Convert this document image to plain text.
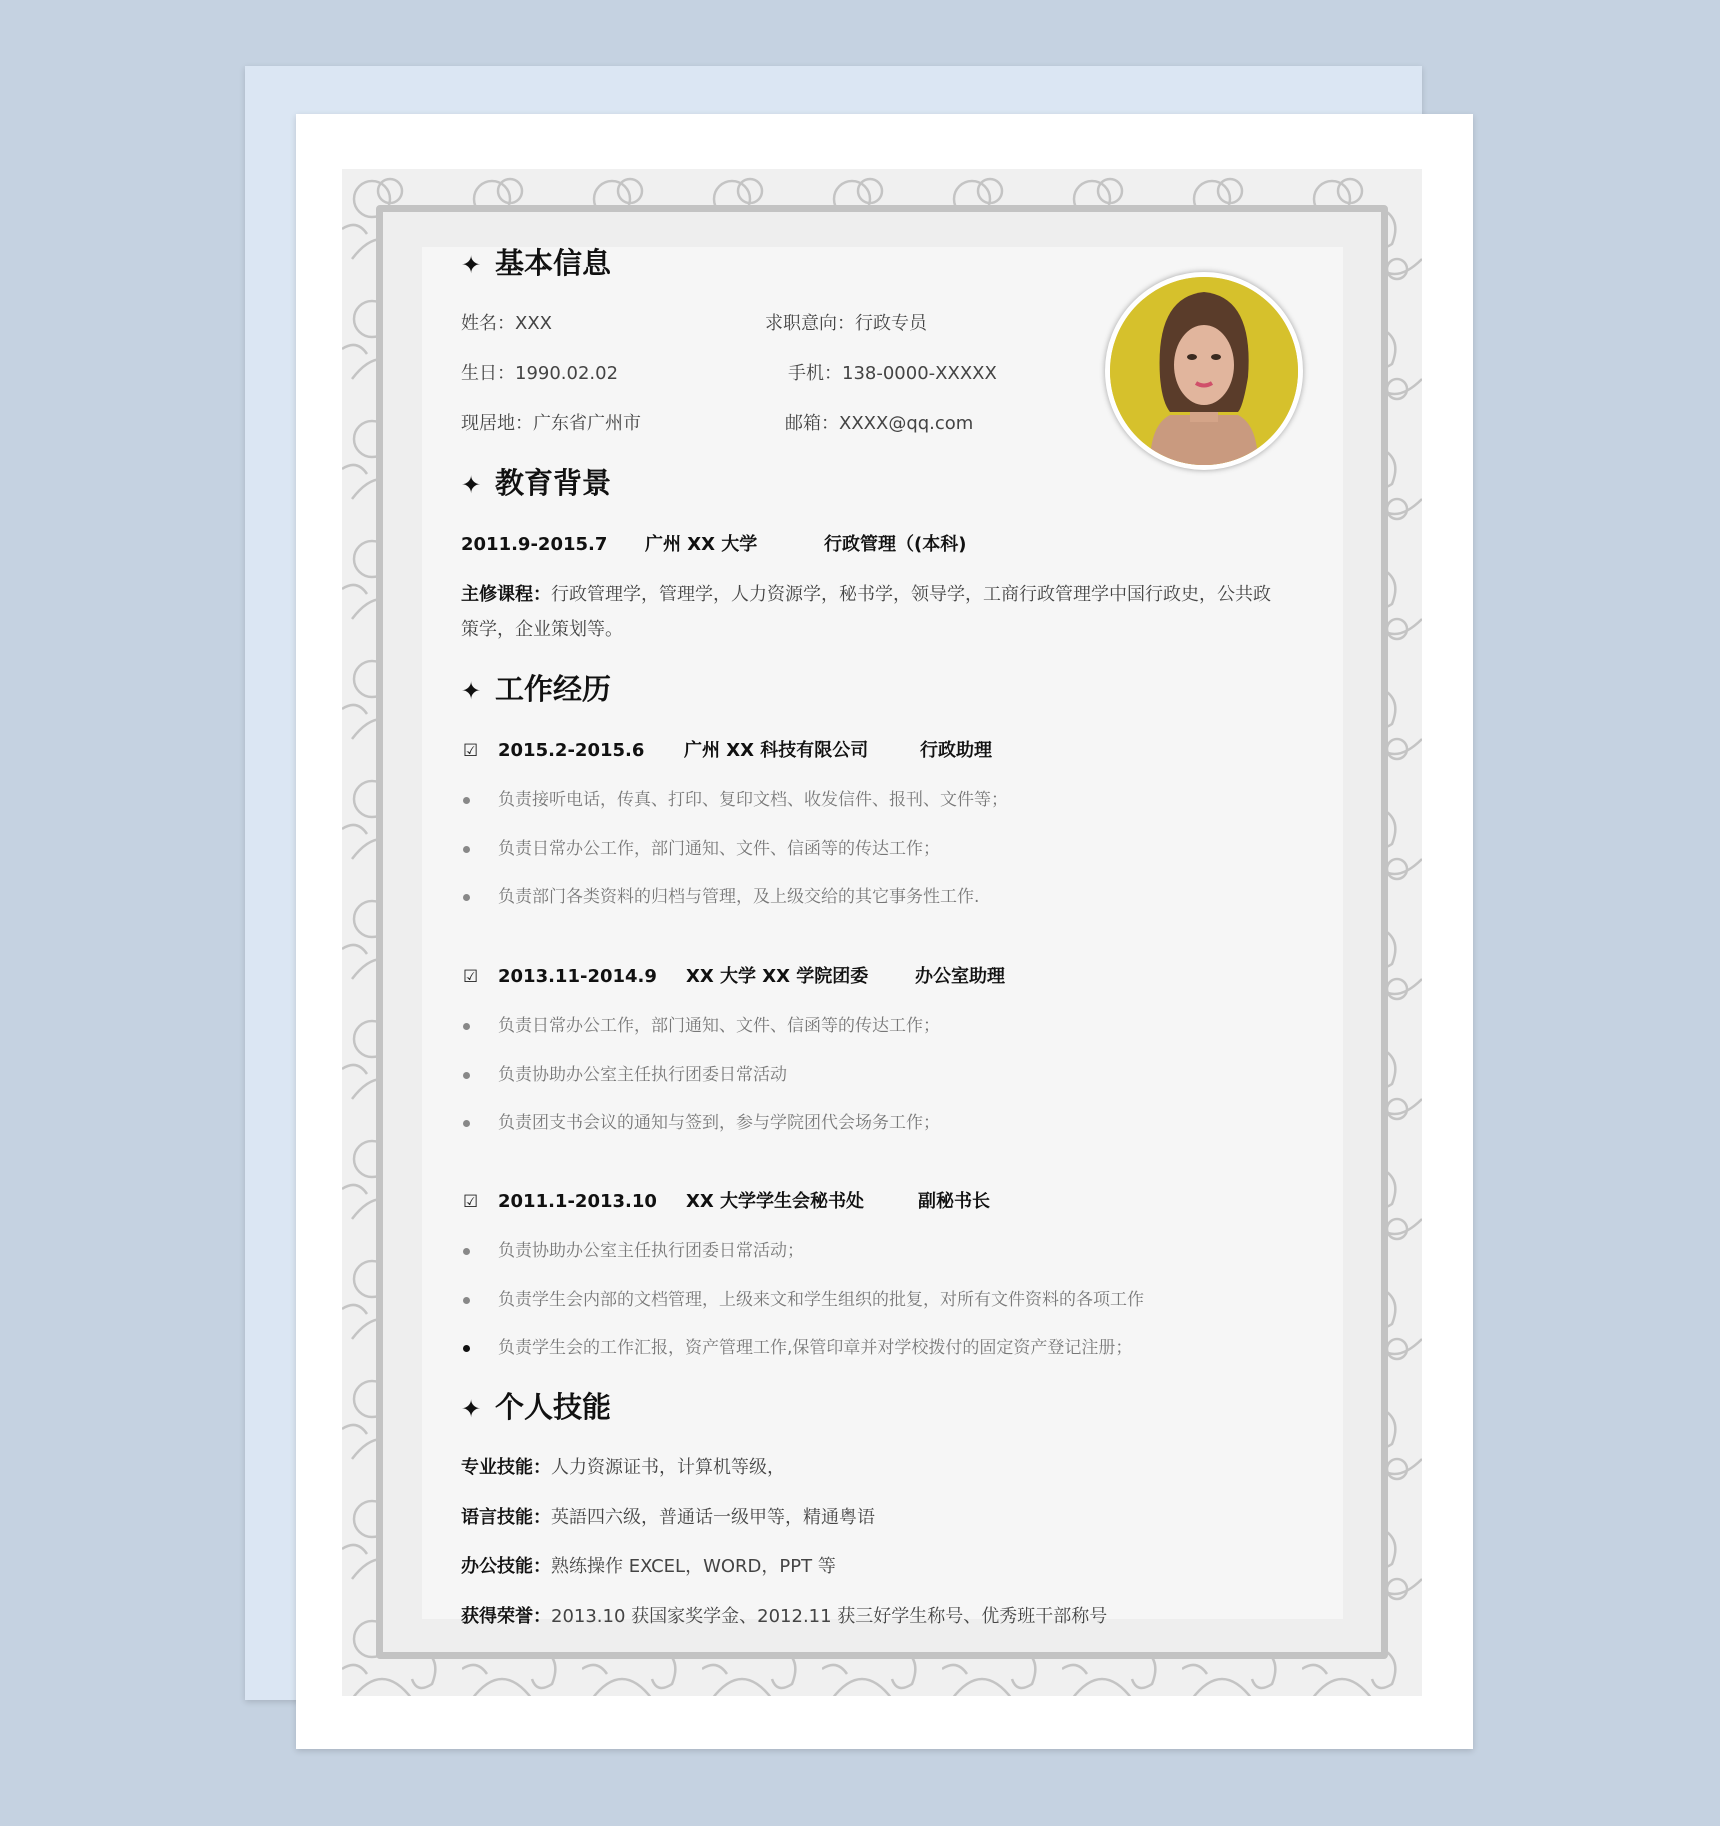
✦ 基本信息
姓名：XXX	求职意向：行政专员
生日：1990.02.02	手机：138-0000-XXXXX
现居地：广东省广州市	邮箱：XXXX@qq.com
✦ 教育背景
2011.9-2015.7 广州 XX 大学	行政管理（(本科)
主修课程：行政管理学，管理学，人力资源学，秘书学，领导学，工商行政管理学中国行政史，公共政
策学，企业策划等。
✦ 工作经历
☑ 2015.2-2015.6 广州 XX 科技有限公司	行政助理
负责接听电话，传真、打印、复印文档、收发信件、报刊、文件等；
负责日常办公工作，部门通知、文件、信函等的传达工作；
负责部门各类资料的归档与管理，及上级交给的其它事务性工作.
☑ 2013.11-2014.9 XX 大学 XX 学院团委	办公室助理
负责日常办公工作，部门通知、文件、信函等的传达工作；
负责协助办公室主任执行团委日常活动
负责团支书会议的通知与签到，参与学院团代会场务工作；
☑ 2011.1-2013.10 XX 大学学生会秘书处	副秘书长
负责协助办公室主任执行团委日常活动；
负责学生会内部的文档管理，上级来文和学生组织的批复，对所有文件资料的各项工作
负责学生会的工作汇报，资产管理工作,保管印章并对学校拨付的固定资产登记注册；
✦ 个人技能
专业技能：人力资源证书，计算机等级，
语言技能：英語四六级，普通话一级甲等，精通粤语
办公技能：熟练操作 EXCEL，WORD，PPT 等
获得荣誉：2013.10 获国家奖学金、2012.11 获三好学生称号、优秀班干部称号
